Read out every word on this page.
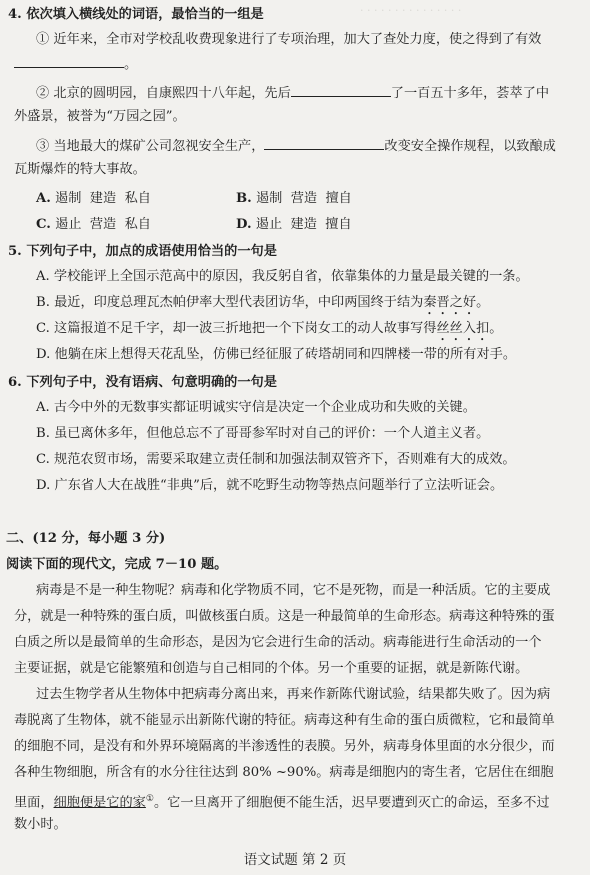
· · · · · · · · · · · · · · ·
4. 依次填入横线处的词语，最恰当的一组是
① 近年来，全市对学校乱收费现象进行了专项治理，加大了查处力度，使之得到了有效
。
② 北京的圆明园，自康熙四十八年起，先后	了一百五十多年，荟萃了中
外盛景，被誉为“万园之园”。
③ 当地最大的煤矿公司忽视安全生产，	改变安全操作规程，以致酿成
瓦斯爆炸的特大事故。
A. 遏制 建造 私自	B. 遏制 营造 擅自
C. 遏止 营造 私自	D. 遏止 建造 擅自
5. 下列句子中，加点的成语使用恰当的一句是
A. 学校能评上全国示范高中的原因，我反躬自省，依靠集体的力量是最关键的一条。
B. 最近，印度总理瓦杰帕伊率大型代表团访华，中印两国终于结为秦晋之好。
C. 这篇报道不足千字，却一波三折地把一个下岗女工的动人故事写得丝丝入扣。
D. 他躺在床上想得天花乱坠，仿佛已经征服了砖塔胡同和四牌楼一带的所有对手。
6. 下列句子中，没有语病、句意明确的一句是
A. 古今中外的无数事实都证明诚实守信是决定一个企业成功和失败的关键。
B. 虽已离休多年，但他总忘不了哥哥参军时对自己的评价：一个人道主义者。
C. 规范农贸市场，需要采取建立责任制和加强法制双管齐下，否则难有大的成效。
D. 广东省人大在战胜“非典”后，就不吃野生动物等热点问题举行了立法听证会。
二、(12 分，每小题 3 分)
阅读下面的现代文，完成 7－10 题。
病毒是不是一种生物呢？病毒和化学物质不同，它不是死物，而是一种活质。它的主要成
分，就是一种特殊的蛋白质，叫做核蛋白质。这是一种最简单的生命形态。病毒这种特殊的蛋
白质之所以是最简单的生命形态，是因为它会进行生命的活动。病毒能进行生命活动的一个
主要证据，就是它能繁殖和创造与自己相同的个体。另一个重要的证据，就是新陈代谢。
过去生物学者从生物体中把病毒分离出来，再来作新陈代谢试验，结果都失败了。因为病
毒脱离了生物体，就不能显示出新陈代谢的特征。病毒这种有生命的蛋白质微粒，它和最简单
的细胞不同，是没有和外界环境隔离的半渗透性的表膜。另外，病毒身体里面的水分很少，而
各种生物细胞，所含有的水分往往达到 80% ~90%。病毒是细胞内的寄生者，它居住在细胞
里面，细胞便是它的家①。它一旦离开了细胞便不能生活，迟早要遭到灭亡的命运，至多不过
数小时。
语文试题 第 2 页
